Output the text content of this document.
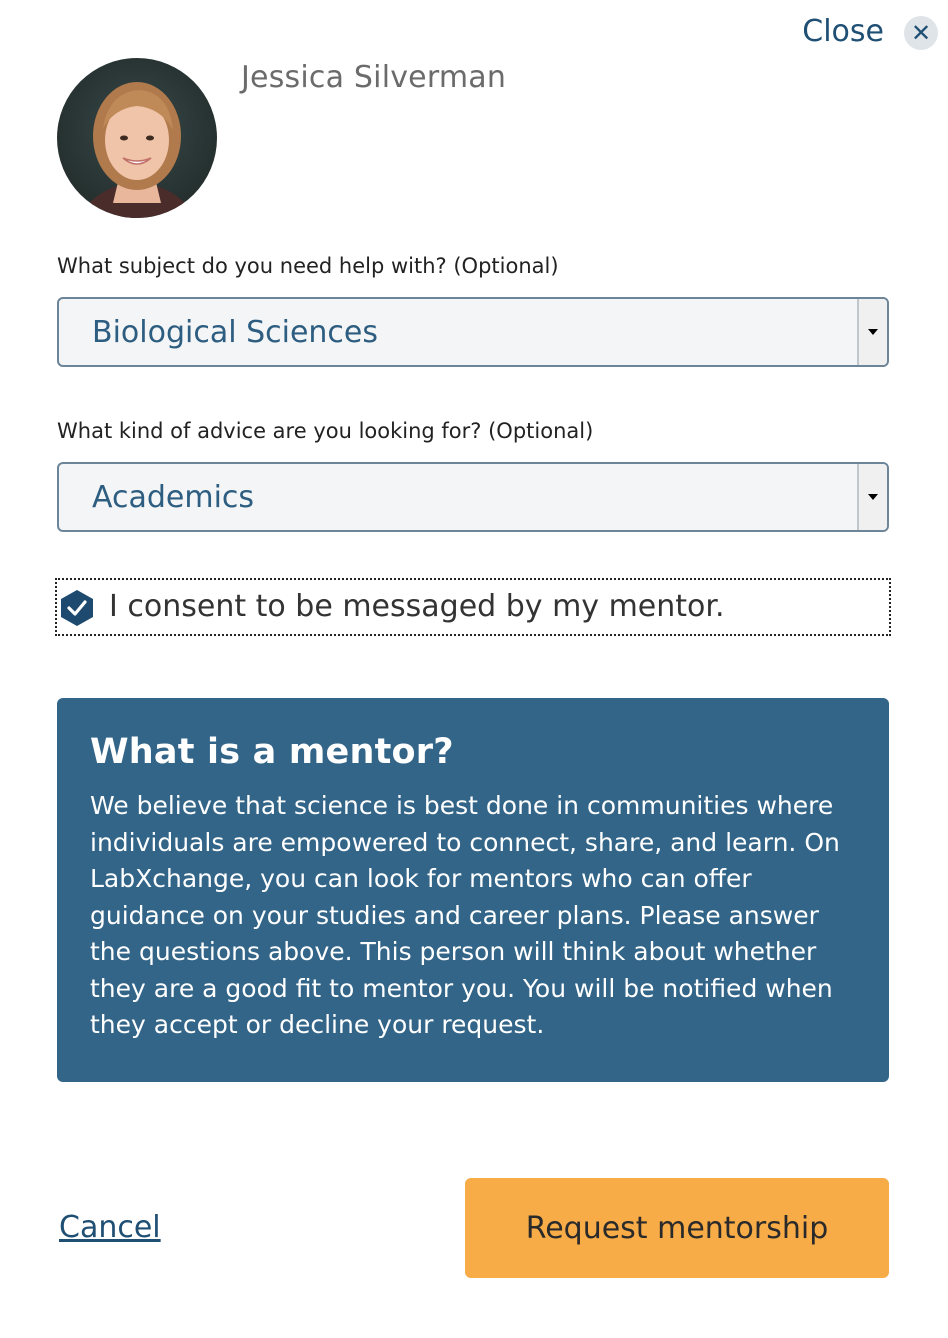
Close ✕
Jessica Silverman
What subject do you need help with? (Optional)
Biological Sciences
What kind of advice are you looking for? (Optional)
Academics
I consent to be messaged by my mentor.
What is a mentor?

We believe that science is best done in communities where individuals are empowered to connect, share, and learn. On LabXchange, you can look for mentors who can offer guidance on your studies and career plans. Please answer the questions above. This person will think about whether they are a good fit to mentor you. You will be notified when they accept or decline your request.

Cancel	Request mentorship
